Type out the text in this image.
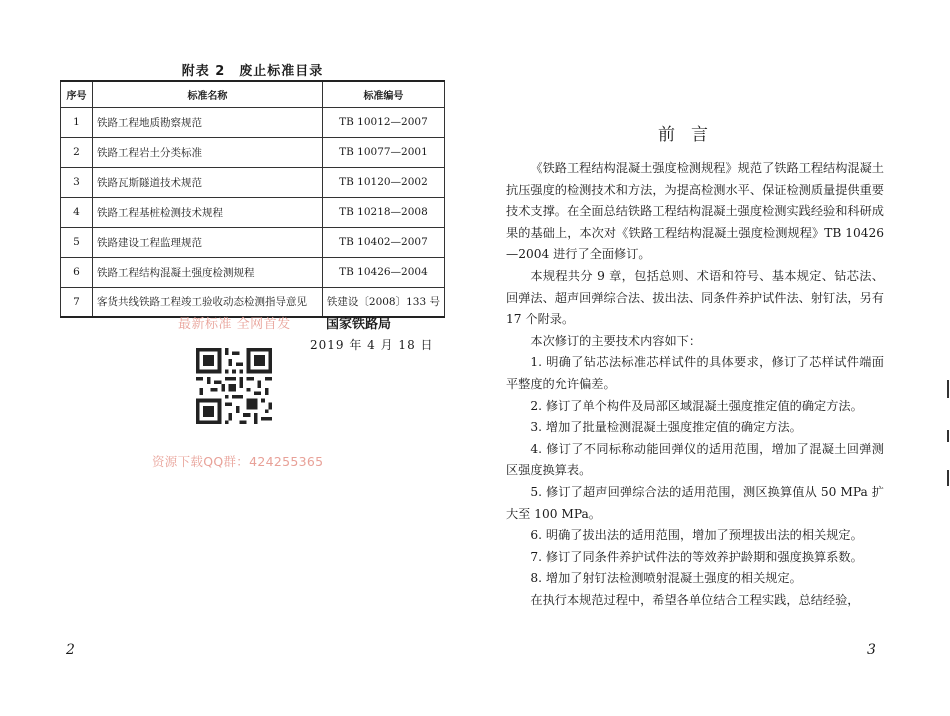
附表 2　废止标准目录
序号	标准名称	标准编号
1	铁路工程地质勘察规范	TB 10012—2007
2	铁路工程岩土分类标准	TB 10077—2001
3	铁路瓦斯隧道技术规范	TB 10120—2002
4	铁路工程基桩检测技术规程	TB 10218—2008
5	铁路建设工程监理规范	TB 10402—2007
6	铁路工程结构混凝土强度检测规程	TB 10426—2004
7	客货共线铁路工程竣工验收动态检测指导意见	铁建设〔2008〕133 号
最新标准 全网首发	国家铁路局
2019 年 4 月 18 日
资源下载QQ群：424255365
2
前言

《铁路工程结构混凝土强度检测规程》规范了铁路工程结构混凝土抗压强度的检测技术和方法，为提高检测水平、保证检测质量提供重要技术支撑。在全面总结铁路工程结构混凝土强度检测实践经验和科研成果的基础上，本次对《铁路工程结构混凝土强度检测规程》TB 10426—2004 进行了全面修订。

本规程共分 9 章，包括总则、术语和符号、基本规定、钻芯法、回弹法、超声回弹综合法、拔出法、同条件养护试件法、射钉法，另有 17 个附录。

本次修订的主要技术内容如下：

1. 明确了钻芯法标准芯样试件的具体要求，修订了芯样试件端面平整度的允许偏差。

2. 修订了单个构件及局部区域混凝土强度推定值的确定方法。

3. 增加了批量检测混凝土强度推定值的确定方法。

4. 修订了不同标称动能回弹仪的适用范围，增加了混凝土回弹测区强度换算表。

5. 修订了超声回弹综合法的适用范围，测区换算值从 50 MPa 扩大至 100 MPa。

6. 明确了拔出法的适用范围，增加了预埋拔出法的相关规定。

7. 修订了同条件养护试件法的等效养护龄期和强度换算系数。

8. 增加了射钉法检测喷射混凝土强度的相关规定。

在执行本规范过程中，希望各单位结合工程实践，总结经验，

3
